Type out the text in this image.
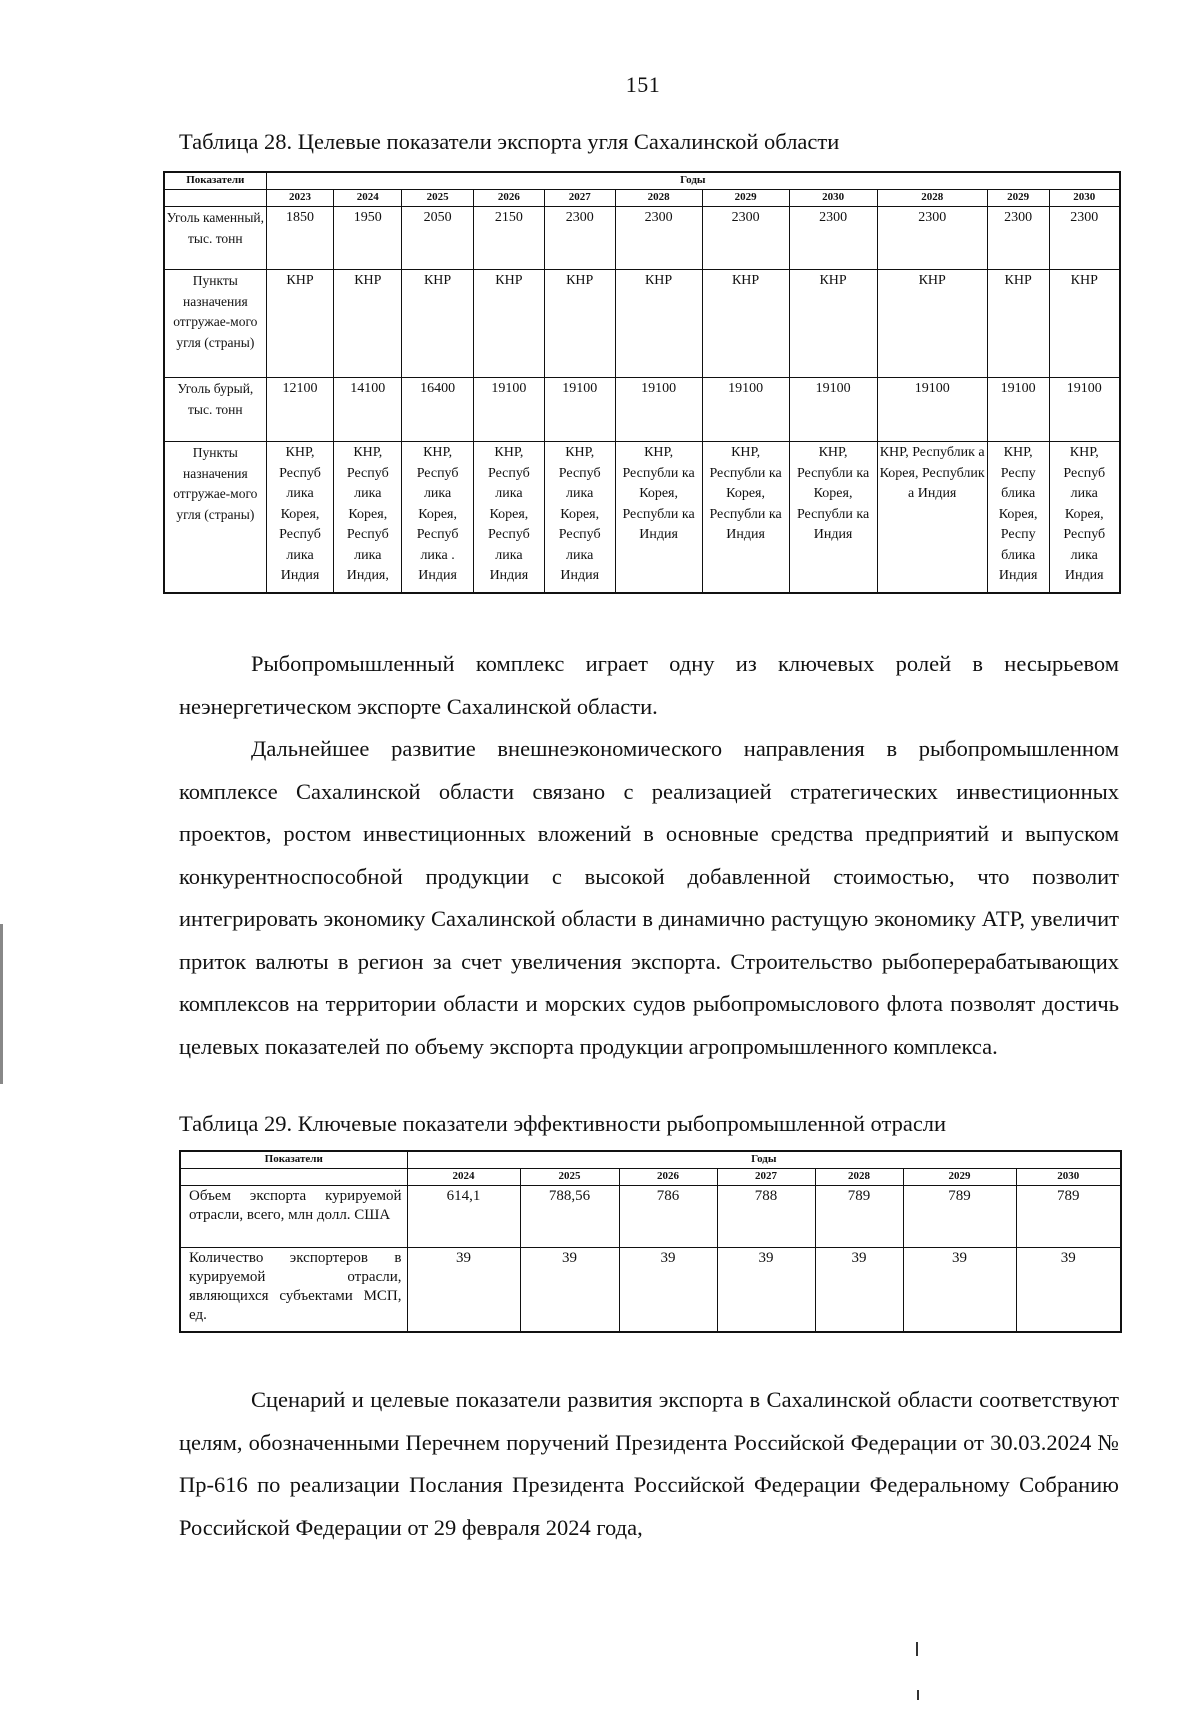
151
Таблица 28. Целевые показатели экспорта угля Сахалинской области
Показатели	Годы										
	2023	2024	2025	2026	2027	2028	2029	2030	2028	2029	2030
Уголь каменный, тыс. тонн	1850	1950	2050	2150	2300	2300	2300	2300	2300	2300	2300
Пункты назначения отгружае-мого угля (страны)	КНР	КНР	КНР	КНР	КНР	КНР	КНР	КНР	КНР	КНР	КНР
Уголь бурый, тыс. тонн	12100	14100	16400	19100	19100	19100	19100	19100	19100	19100	19100
Пункты назначения отгружае-мого угля (страны)	КНР, Респуб лика Корея, Респуб лика Индия	КНР, Респуб лика Корея, Респуб лика Индия,	КНР, Респуб лика Корея, Респуб лика . Индия	КНР, Респуб лика Корея, Респуб лика Индия	КНР, Респуб лика Корея, Респуб лика Индия	КНР, Республи ка Корея, Республи ка Индия	КНР, Республи ка Корея, Республи ка Индия	КНР, Республи ка Корея, Республи ка Индия	КНР, Республик а Корея, Республик а Индия	КНР, Респу блика Корея, Респу блика Индия	КНР, Респуб лика Корея, Респуб лика Индия

Рыбопромышленный комплекс играет одну из ключевых ролей в несырьевом неэнергетическом экспорте Сахалинской области.

Дальнейшее развитие внешнеэкономического направления в рыбопромышленном комплексе Сахалинской области связано с реализацией стратегических инвестиционных проектов, ростом инвестиционных вложений в основные средства предприятий и выпуском конкурентноспособной продукции с высокой добавленной стоимостью, что позволит интегрировать экономику Сахалинской области в динамично растущую экономику АТР, увеличит приток валюты в регион за счет увеличения экспорта. Строительство рыбоперерабатывающих комплексов на территории области и морских судов рыбопромыслового флота позволят достичь целевых показателей по объему экспорта продукции агропромышленного комплекса.

Таблица 29. Ключевые показатели эффективности рыбопромышленной отрасли
Показатели	Годы						
	2024	2025	2026	2027	2028	2029	2030
Объем экспорта курируемой отрасли, всего, млн долл. США	614,1	788,56	786	788	789	789	789
Количество экспортеров в курируемой отрасли, являющихся субъектами МСП, ед.	39	39	39	39	39	39	39

Сценарий и целевые показатели развития экспорта в Сахалинской области соответствуют целям, обозначенными Перечнем поручений Президента Российской Федерации от 30.03.2024 № Пр-616 по реализации Послания Президента Российской Федерации Федеральному Собранию Российской Федерации от 29 февраля 2024 года,
